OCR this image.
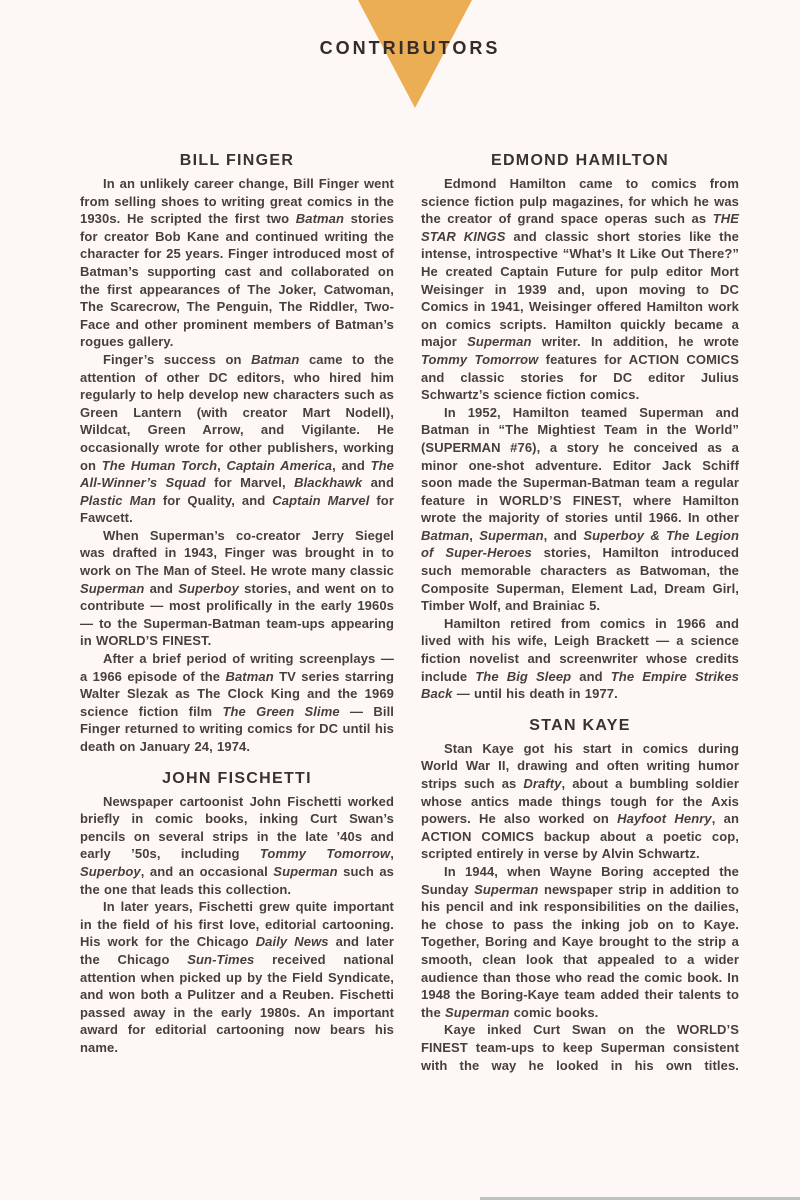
CONTRIBUTORS
BILL FINGER

In an unlikely career change, Bill Finger went from selling shoes to writing great comics in the 1930s. He scripted the first two Batman stories for creator Bob Kane and continued writing the character for 25 years. Finger introduced most of Batman’s supporting cast and collaborated on the first appearances of The Joker, Catwoman, The Scarecrow, The Penguin, The Riddler, Two-Face and other prominent members of Batman’s rogues gallery.

Finger’s success on Batman came to the attention of other DC editors, who hired him regularly to help develop new characters such as Green Lantern (with creator Mart Nodell), Wildcat, Green Arrow, and Vigilante. He occasionally wrote for other publishers, working on The Human Torch, Captain America, and The All-Winner’s Squad for Marvel, Blackhawk and Plastic Man for Quality, and Captain Marvel for Fawcett.

When Superman’s co-creator Jerry Siegel was drafted in 1943, Finger was brought in to work on The Man of Steel. He wrote many classic Superman and Superboy stories, and went on to contribute — most prolifically in the early 1960s — to the Superman-Batman team-ups appearing in WORLD’S FINEST.

After a brief period of writing screenplays — a 1966 episode of the Batman TV series starring Walter Slezak as The Clock King and the 1969 science fiction film The Green Slime — Bill Finger returned to writing comics for DC until his death on January 24, 1974.

JOHN FISCHETTI

Newspaper cartoonist John Fischetti worked briefly in comic books, inking Curt Swan’s pencils on several strips in the late ’40s and early ’50s, including Tommy Tomorrow, Superboy, and an occasional Superman such as the one that leads this collection.

In later years, Fischetti grew quite important in the field of his first love, editorial cartooning. His work for the Chicago Daily News and later the Chicago Sun-Times received national attention when picked up by the Field Syndicate, and won both a Pulitzer and a Reuben. Fischetti passed away in the early 1980s. An important award for editorial cartooning now bears his name.

EDMOND HAMILTON

Edmond Hamilton came to comics from science fiction pulp magazines, for which he was the creator of grand space operas such as THE STAR KINGS and classic short stories like the intense, introspective “What’s It Like Out There?” He created Captain Future for pulp editor Mort Weisinger in 1939 and, upon moving to DC Comics in 1941, Weisinger offered Hamilton work on comics scripts. Hamilton quickly became a major Superman writer. In addition, he wrote Tommy Tomorrow features for ACTION COMICS and classic stories for DC editor Julius Schwartz’s science fiction comics.

In 1952, Hamilton teamed Superman and Batman in “The Mightiest Team in the World” (SUPERMAN #76), a story he conceived as a minor one-shot adventure. Editor Jack Schiff soon made the Superman-Batman team a regular feature in WORLD’S FINEST, where Hamilton wrote the majority of stories until 1966. In other Batman, Superman, and Superboy & The Legion of Super-Heroes stories, Hamilton introduced such memorable characters as Batwoman, the Composite Superman, Element Lad, Dream Girl, Timber Wolf, and Brainiac 5.

Hamilton retired from comics in 1966 and lived with his wife, Leigh Brackett — a science fiction novelist and screenwriter whose credits include The Big Sleep and The Empire Strikes Back — until his death in 1977.

STAN KAYE

Stan Kaye got his start in comics during World War II, drawing and often writing humor strips such as Drafty, about a bumbling soldier whose antics made things tough for the Axis powers. He also worked on Hayfoot Henry, an ACTION COMICS backup about a poetic cop, scripted entirely in verse by Alvin Schwartz.

In 1944, when Wayne Boring accepted the Sunday Superman newspaper strip in addition to his pencil and ink responsibilities on the dailies, he chose to pass the inking job on to Kaye. Together, Boring and Kaye brought to the strip a smooth, clean look that appealed to a wider audience than those who read the comic book. In 1948 the Boring-Kaye team added their talents to the Superman comic books.

Kaye inked Curt Swan on the WORLD’S FINEST team-ups to keep Superman consistent with the way he looked in his own titles.
